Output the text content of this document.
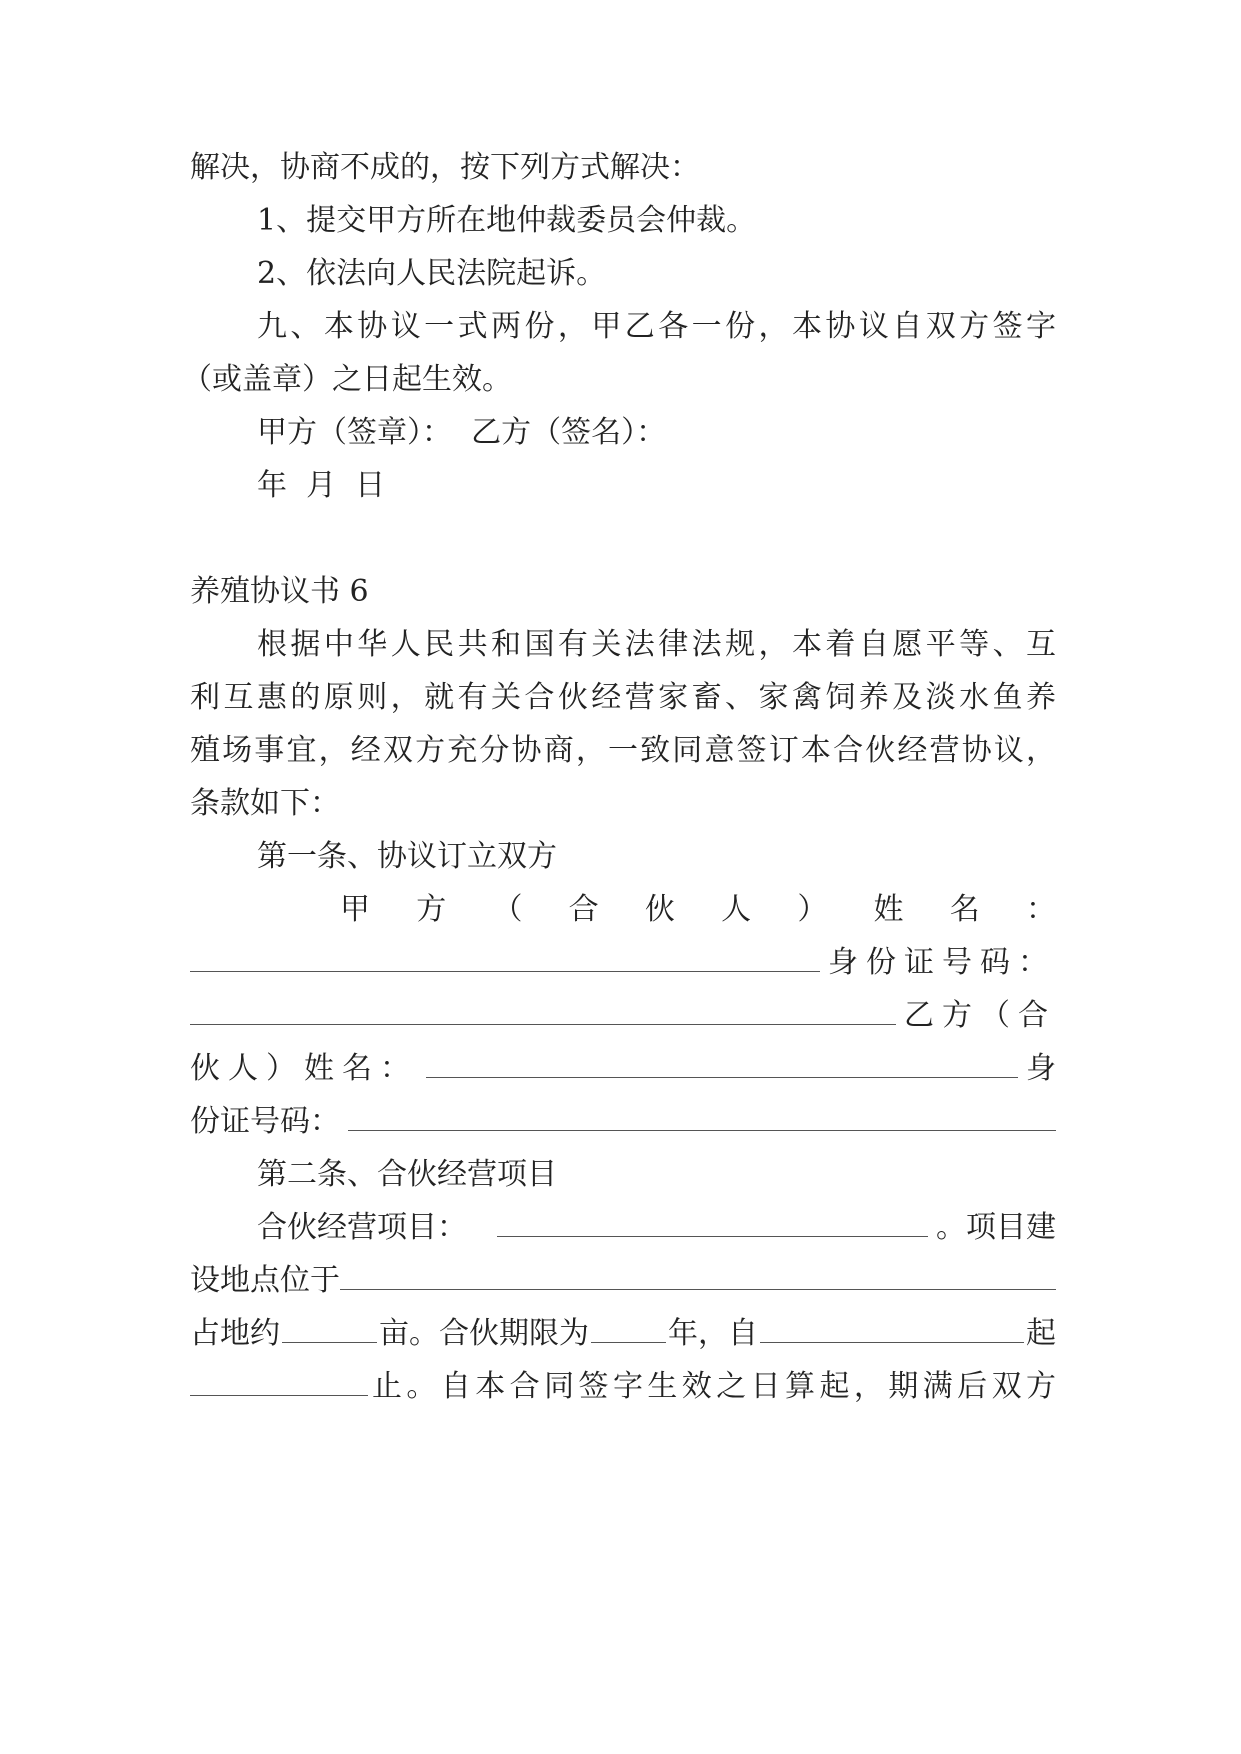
解决，协商不成的，按下列方式解决：
1、提交甲方所在地仲裁委员会仲裁。
2、依法向人民法院起诉。
九、本协议一式两份，甲乙各一份，本协议自双方签字
（或盖章）之日起生效。
甲方（签章）：  乙方（签名）：
年  月  日
养殖协议书 6
根据中华人民共和国有关法律法规，本着自愿平等、互
利互惠的原则，就有关合伙经营家畜、家禽饲养及淡水鱼养
殖场事宜，经双方充分协商，一致同意签订本合伙经营协议，
条款如下：
第一条、协议订立双方
甲方（合伙人）姓名：
身份证号码：
乙方（合
伙人）姓名：	身
份证号码：
第二条、合伙经营项目
合伙经营项目：	。项目建
设地点位于
占地约	亩。合伙期限为	年，自	起
止。自本合同签字生效之日算起，期满后双方
